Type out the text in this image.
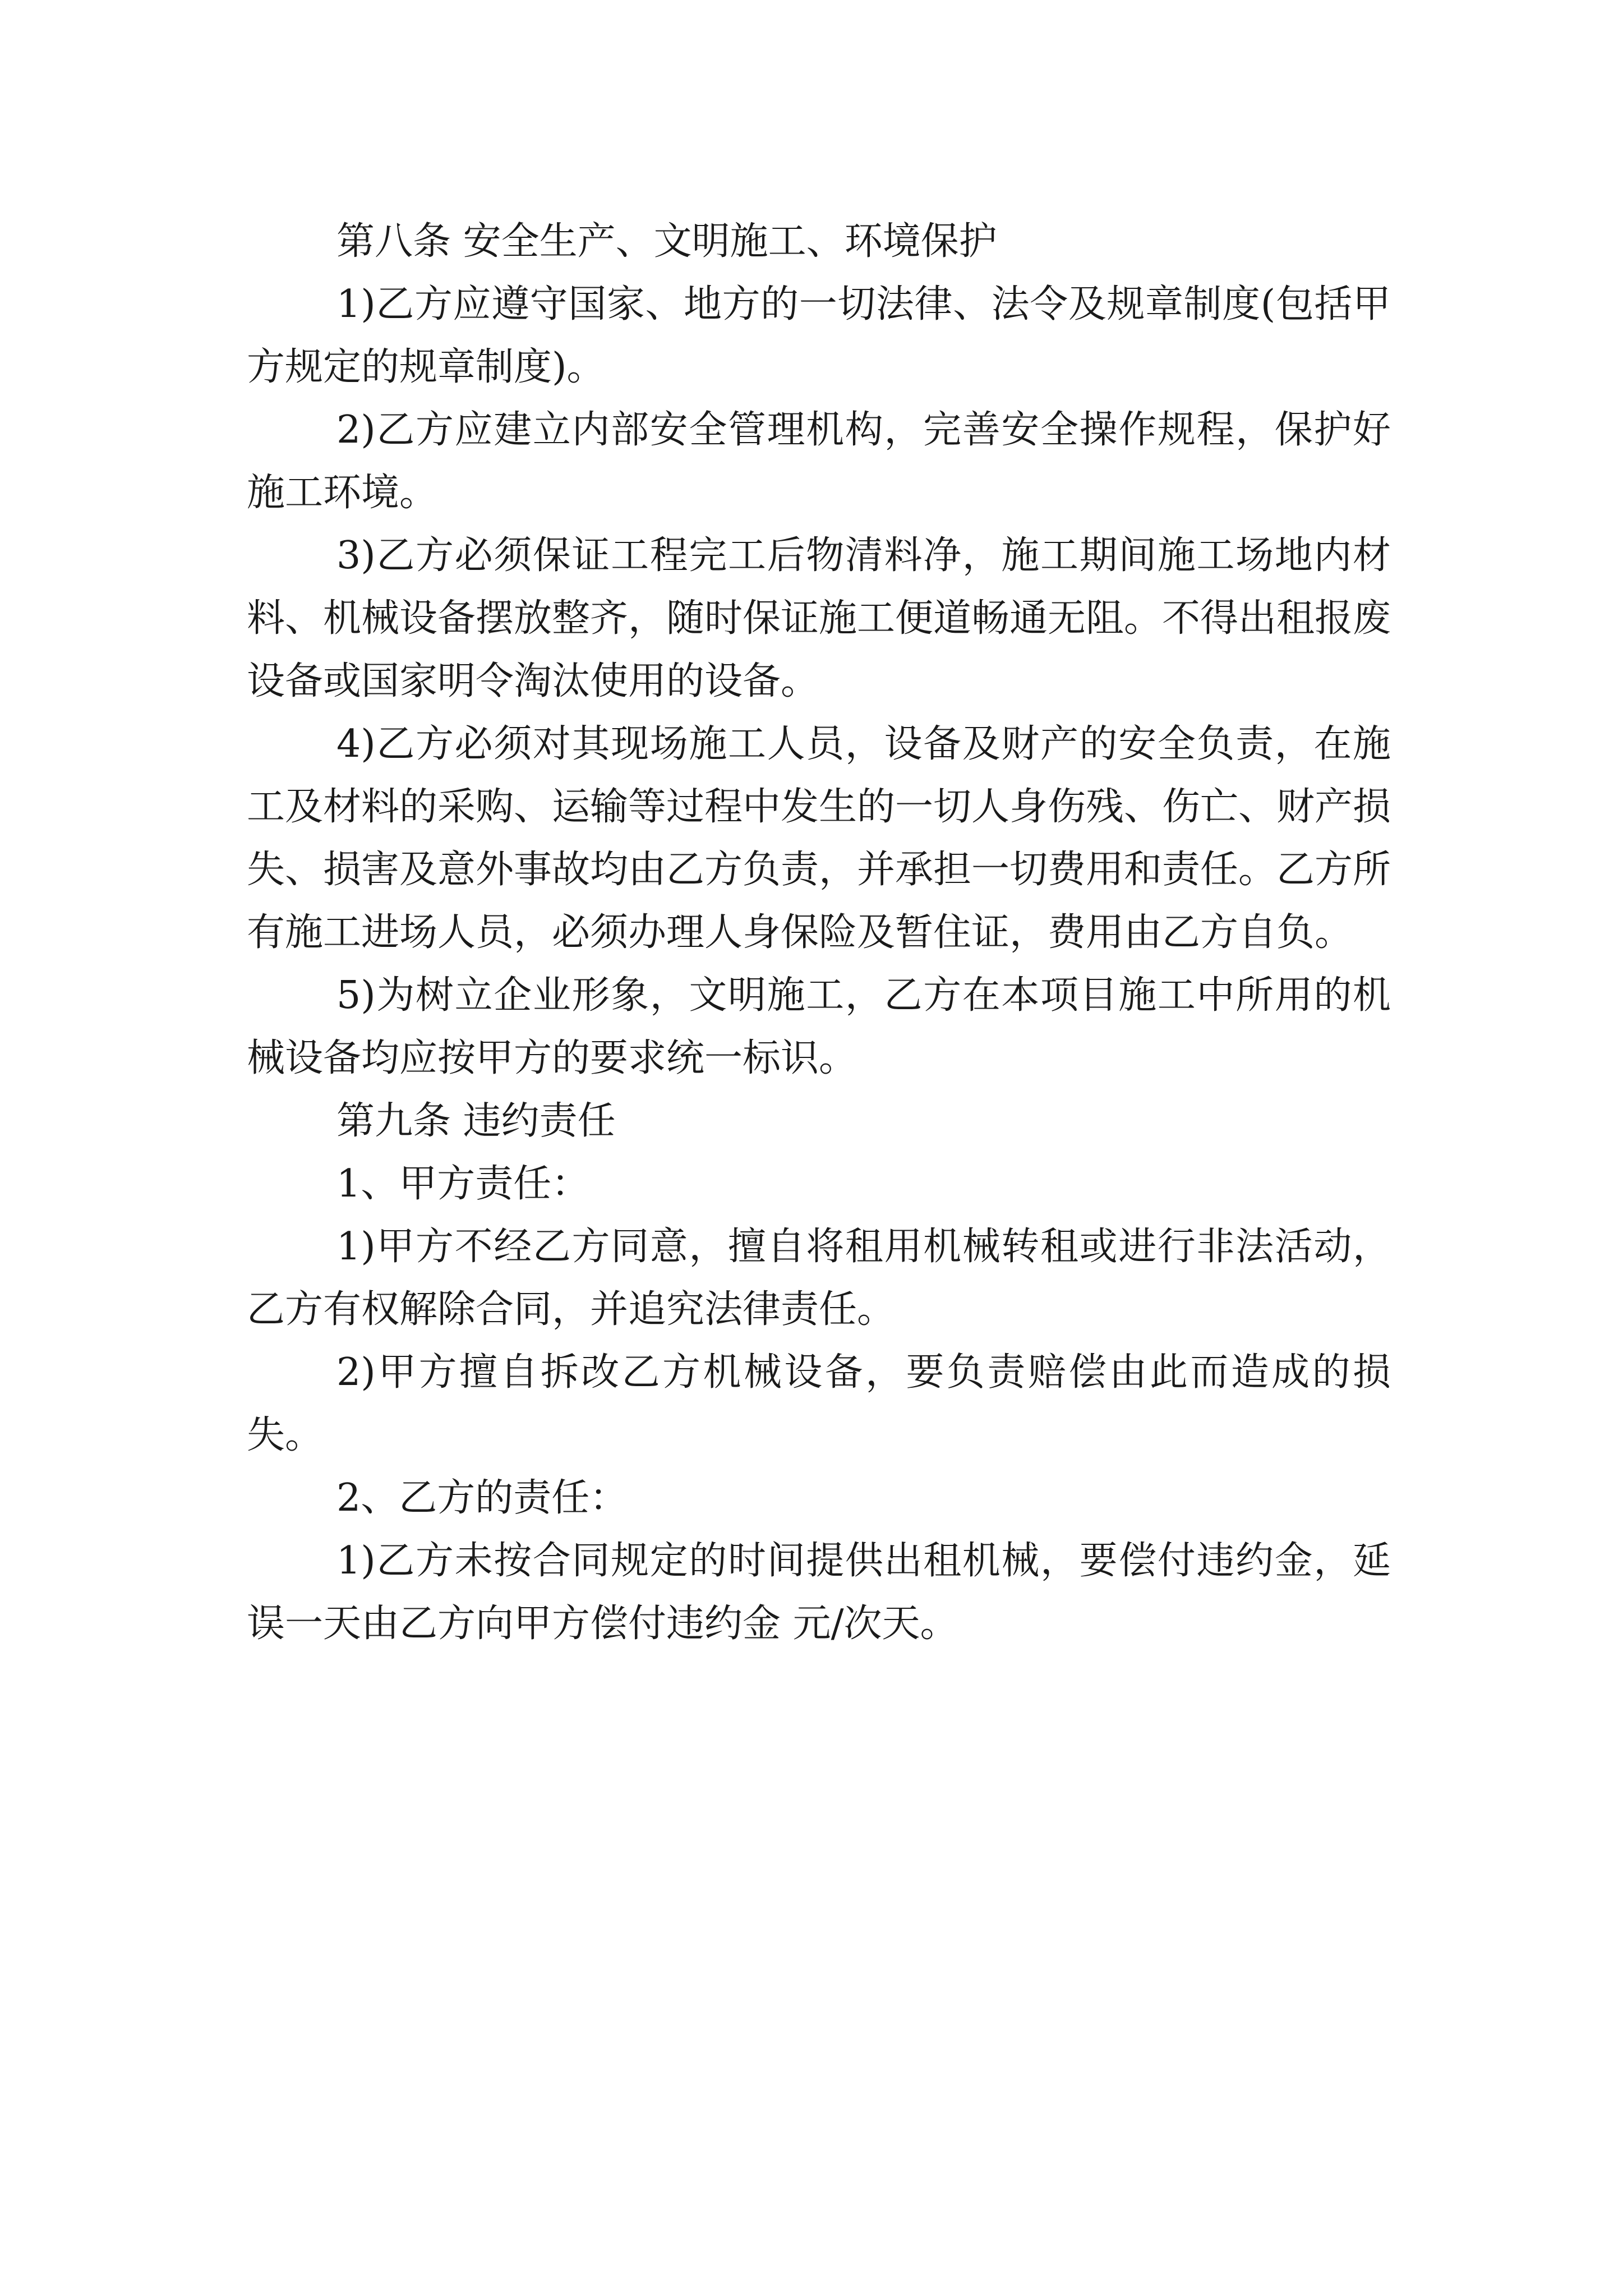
第八条 安全生产、文明施工、环境保护

1)乙方应遵守国家、地方的一切法律、法令及规章制度(包括甲方规定的规章制度)。

2)乙方应建立内部安全管理机构，完善安全操作规程，保护好施工环境。

3)乙方必须保证工程完工后物清料净，施工期间施工场地内材料、机械设备摆放整齐，随时保证施工便道畅通无阻。不得出租报废设备或国家明令淘汰使用的设备。

4)乙方必须对其现场施工人员，设备及财产的安全负责，在施工及材料的采购、运输等过程中发生的一切人身伤残、伤亡、财产损失、损害及意外事故均由乙方负责，并承担一切费用和责任。乙方所有施工进场人员，必须办理人身保险及暂住证，费用由乙方自负。

5)为树立企业形象，文明施工，乙方在本项目施工中所用的机械设备均应按甲方的要求统一标识。

第九条 违约责任

1、甲方责任：

1)甲方不经乙方同意，擅自将租用机械转租或进行非法活动，乙方有权解除合同，并追究法律责任。

2)甲方擅自拆改乙方机械设备，要负责赔偿由此而造成的损失。

2、乙方的责任：

1)乙方未按合同规定的时间提供出租机械，要偿付违约金，延误一天由乙方向甲方偿付违约金 元/次天。
